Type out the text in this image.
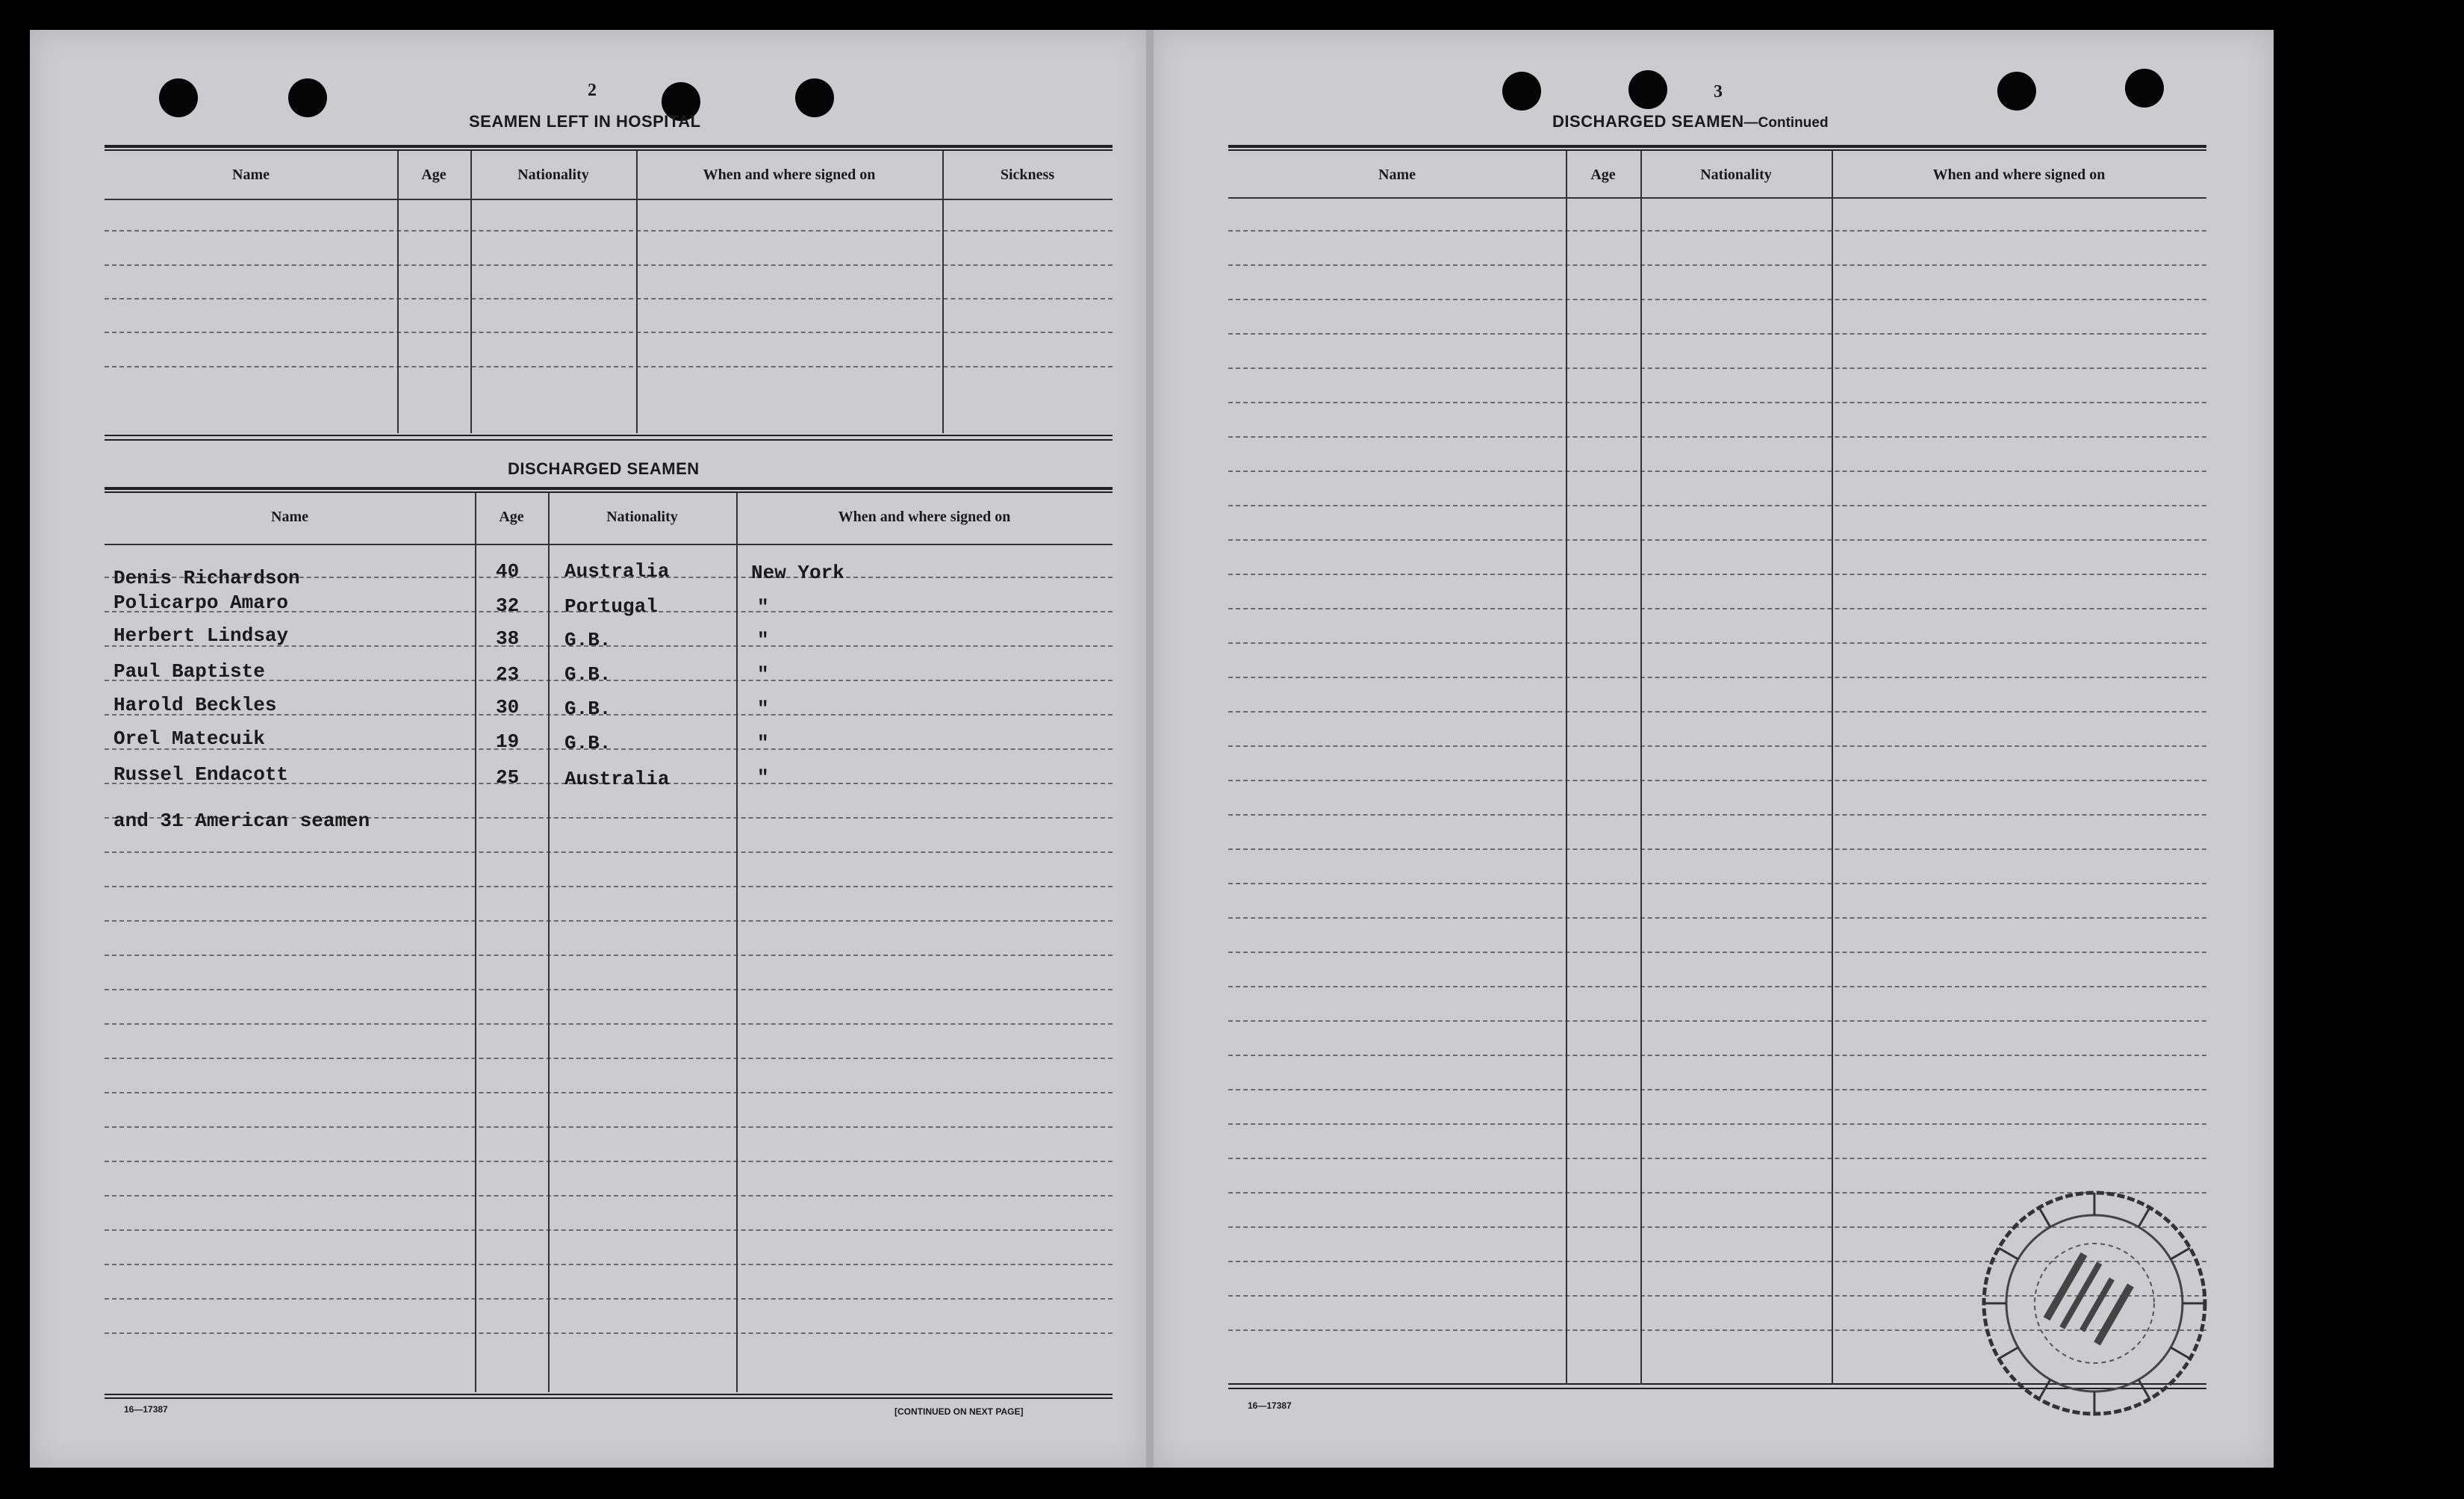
2
SEAMEN LEFT IN HOSPITAL
Name	Age	Nationality	When and where signed on	Sickness
DISCHARGED SEAMEN
Name	Age	Nationality	When and where signed on
Denis Richardson	40 Australia	New York
Policarpo Amaro	32 Portugal	"
Herbert Lindsay	38 G.B.	"
Paul Baptiste	23 G.B.	"
Harold Beckles	30 G.B.	"
Orel Matecuik	19 G.B.	"
Russel Endacott	25 Australia	"
and 31 American seamen
16—17387	[CONTINUED ON NEXT PAGE]
3
DISCHARGED SEAMEN—Continued
Name	Age	Nationality	When and where signed on
16—17387
